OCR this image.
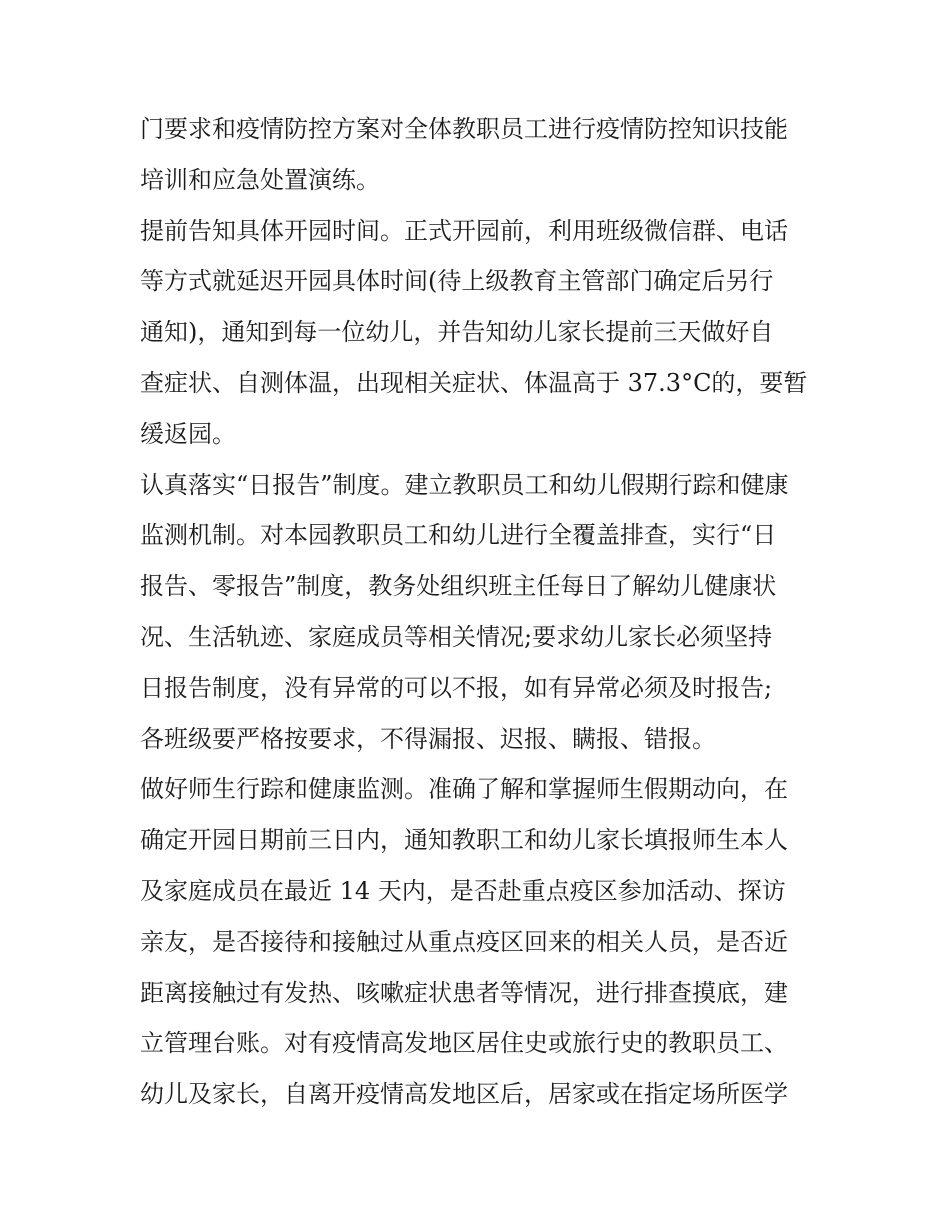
门要求和疫情防控方案对全体教职员工进行疫情防控知识技能
培训和应急处置演练。
提前告知具体开园时间。正式开园前，利用班级微信群、电话
等方式就延迟开园具体时间(待上级教育主管部门确定后另行
通知)，通知到每一位幼儿，并告知幼儿家长提前三天做好自
查症状、自测体温，出现相关症状、体温高于 37.3°C的，要暂
缓返园。
认真落实“日报告”制度。建立教职员工和幼儿假期行踪和健康
监测机制。对本园教职员工和幼儿进行全覆盖排查，实行“日
报告、零报告”制度，教务处组织班主任每日了解幼儿健康状
况、生活轨迹、家庭成员等相关情况;要求幼儿家长必须坚持
日报告制度，没有异常的可以不报，如有异常必须及时报告;
各班级要严格按要求，不得漏报、迟报、瞒报、错报。
做好师生行踪和健康监测。准确了解和掌握师生假期动向，在
确定开园日期前三日内，通知教职工和幼儿家长填报师生本人
及家庭成员在最近 14 天内，是否赴重点疫区参加活动、探访
亲友，是否接待和接触过从重点疫区回来的相关人员，是否近
距离接触过有发热、咳嗽症状患者等情况，进行排查摸底，建
立管理台账。对有疫情高发地区居住史或旅行史的教职员工、
幼儿及家长，自离开疫情高发地区后，居家或在指定场所医学
